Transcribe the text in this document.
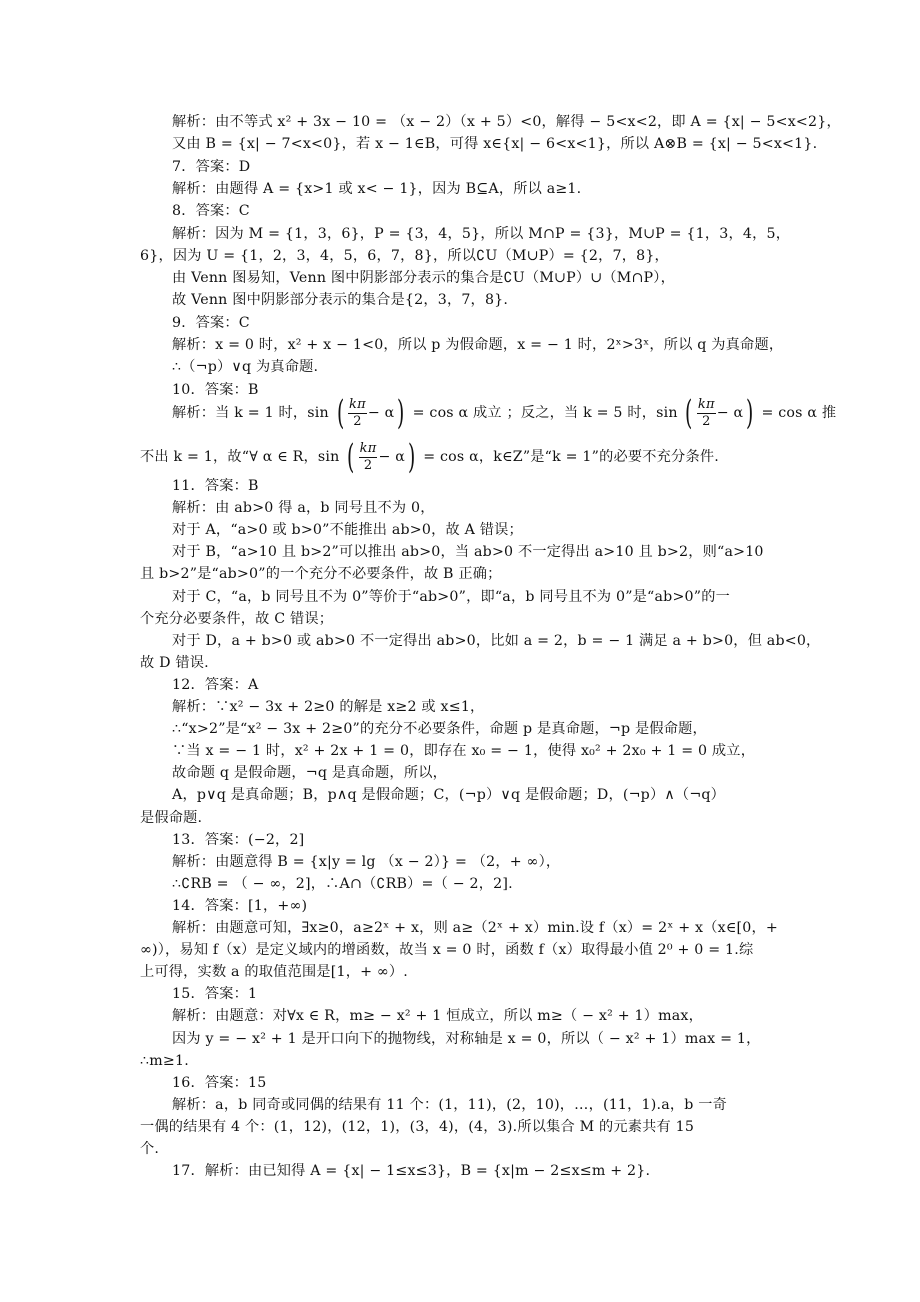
解析：由不等式 x² + 3x − 10 = （x − 2）（x + 5）<0，解得 − 5<x<2，即 A = {x| − 5<x<2}，
又由 B = {x| − 7<x<0}，若 x − 1∈B，可得 x∈{x| − 6<x<1}，所以 A⊗B = {x| − 5<x<1}.
7．答案：D
解析：由题得 A = {x>1 或 x< − 1}，因为 B⊆A，所以 a≥1.
8．答案：C
解析：因为 M = {1，3，6}，P = {3，4，5}，所以 M∩P = {3}，M∪P = {1，3，4，5，
6}，因为 U = {1，2，3，4，5，6，7，8}，所以∁U（M∪P）= {2，7，8}，
由 Venn 图易知，Venn 图中阴影部分表示的集合是∁U（M∪P）∪（M∩P），
故 Venn 图中阴影部分表示的集合是{2，3，7，8}.
9．答案：C
解析：x = 0 时，x² + x − 1<0，所以 p 为假命题，x = − 1 时，2ˣ>3ˣ，所以 q 为真命题，
∴（¬p）∨q 为真命题.
10．答案：B
解析：当 k = 1 时，sin ( $\frac{k\pi}{2} - \alpha) = \cos \alpha$ 成立 ；反之，当 k = 5 时，sin ( $\frac{k\pi}{2} - \alpha) = \cos \alpha$ 推
不出 k = 1，故“∀ α ∈ R，sin ( $\frac{k\pi}{2} - \alpha) = \cos \alpha$，k∈Z”是“k = 1”的必要不充分条件.
11．答案：B
解析：由 ab>0 得 a，b 同号且不为 0，
对于 A，“a>0 或 b>0”不能推出 ab>0，故 A 错误；
对于 B，“a>10 且 b>2”可以推出 ab>0，当 ab>0 不一定得出 a>10 且 b>2，则“a>10
且 b>2”是“ab>0”的一个充分不必要条件，故 B 正确；
对于 C，“a，b 同号且不为 0”等价于“ab>0”，即“a，b 同号且不为 0”是“ab>0”的一
个充分必要条件，故 C 错误；
对于 D，a + b>0 或 ab>0 不一定得出 ab>0，比如 a = 2，b = − 1 满足 a + b>0，但 ab<0，
故 D 错误.
12．答案：A
解析：∵x² − 3x + 2≥0 的解是 x≥2 或 x≤1，
∴“x>2”是“x² − 3x + 2≥0”的充分不必要条件，命题 p 是真命题，¬p 是假命题，
∵当 x = − 1 时，x² + 2x + 1 = 0，即存在 x₀ = − 1，使得 x₀² + 2x₀ + 1 = 0 成立，
故命题 q 是假命题，¬q 是真命题，所以，
A，p∨q 是真命题；B，p∧q 是假命题；C，(¬p）∨q 是假命题；D，(¬p）∧（¬q）
是假命题.
13．答案：(−2，2]
解析：由题意得 B = {x|y = lg （x − 2）} = （2，+ ∞），
∴∁RB = （ − ∞，2]，∴A∩（∁RB）=（ − 2，2].
14．答案：[1，+∞)
解析：由题意可知，∃x≥0，a≥2ˣ + x，则 a≥（2ˣ + x）min.设 f（x）= 2ˣ + x（x∈[0，+
∞)），易知 f（x）是定义域内的增函数，故当 x = 0 时，函数 f（x）取得最小值 2⁰ + 0 = 1.综
上可得，实数 a 的取值范围是[1，+ ∞）.
15．答案：1
解析：由题意：对∀x ∈ R，m≥ − x² + 1 恒成立，所以 m≥（ − x² + 1）max，
因为 y = − x² + 1 是开口向下的抛物线，对称轴是 x = 0，所以（ − x² + 1）max = 1，
∴m≥1.
16．答案：15
解析：a，b 同奇或同偶的结果有 11 个：(1，11)，(2，10)，…，(11，1).a，b 一奇
一偶的结果有 4 个：(1，12)，(12，1)，(3，4)，(4，3).所以集合 M 的元素共有 15
个.
17．解析：由已知得 A = {x| − 1≤x≤3}，B = {x|m − 2≤x≤m + 2}.
